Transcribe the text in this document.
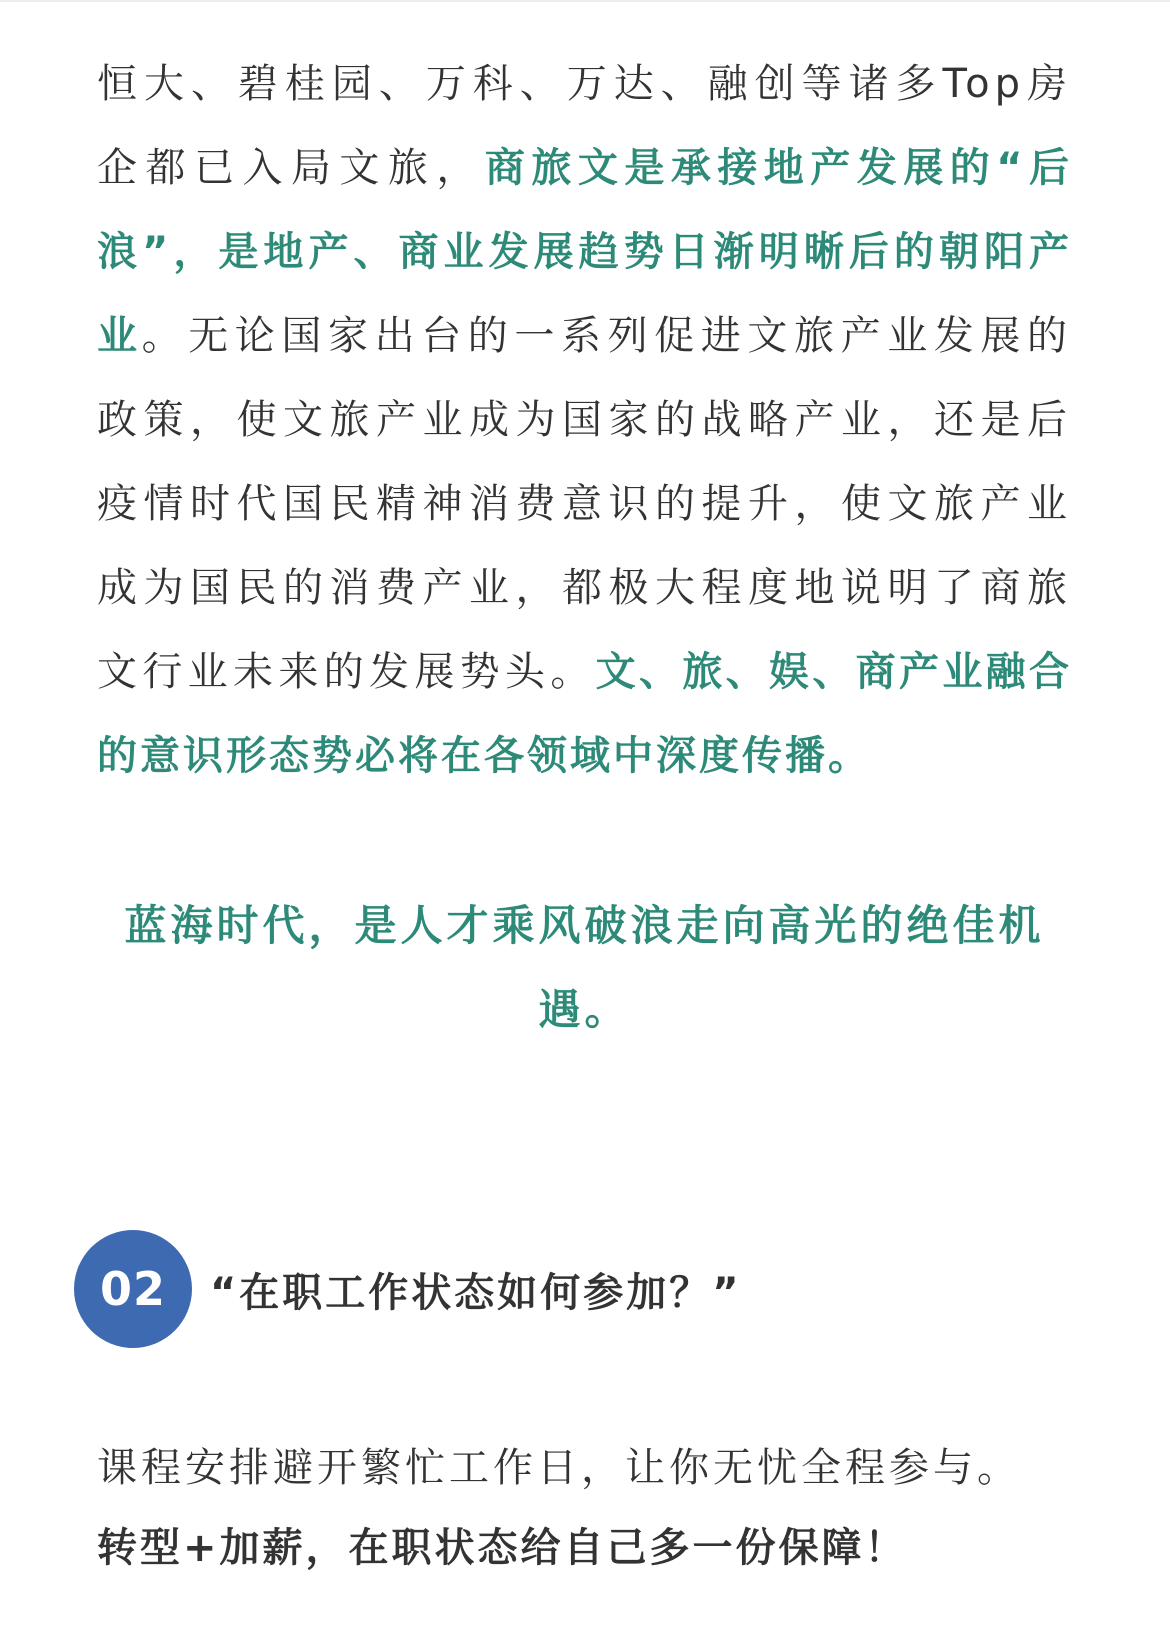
恒大、碧桂园、万科、万达、融创等诸多Top房企都已入局文旅，商旅文是承接地产发展的“后浪”，是地产、商业发展趋势日渐明晰后的朝阳产业。无论国家出台的一系列促进文旅产业发展的政策，使文旅产业成为国家的战略产业，还是后疫情时代国民精神消费意识的提升，使文旅产业成为国民的消费产业，都极大程度地说明了商旅文行业未来的发展势头。文、旅、娱、商产业融合的意识形态势必将在各领域中深度传播。

蓝海时代，是人才乘风破浪走向高光的绝佳机遇。

02	“在职工作状态如何参加？”

课程安排避开繁忙工作日，让你无忧全程参与。

转型+加薪，在职状态给自己多一份保障！
